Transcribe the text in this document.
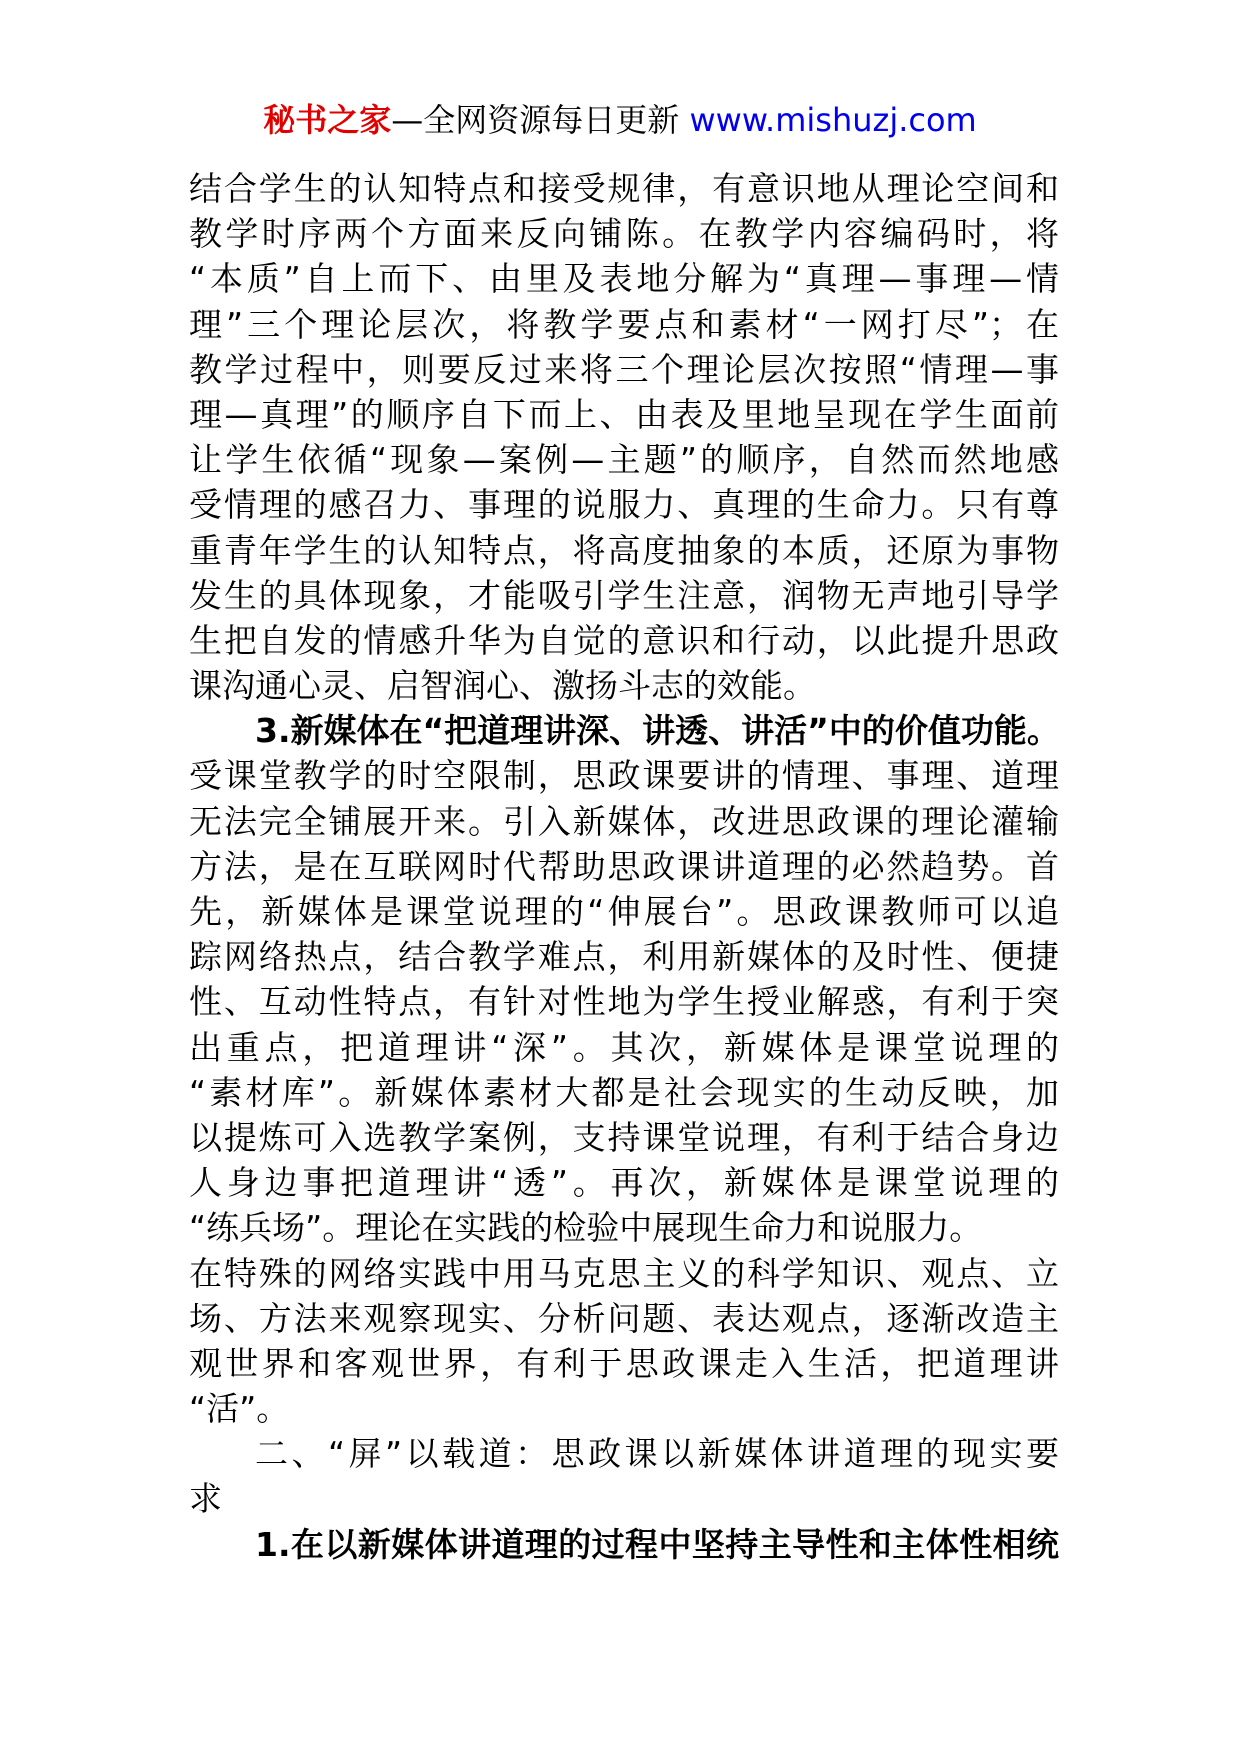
秘书之家—全网资源每日更新 www.mishuzj.com
结合学生的认知特点和接受规律，有意识地从理论空间和
教学时序两个方面来反向铺陈。在教学内容编码时，将
“本质”自上而下、由里及表地分解为“真理—事理—情
理”三个理论层次，将教学要点和素材“一网打尽”；在
教学过程中，则要反过来将三个理论层次按照“情理—事
理—真理”的顺序自下而上、由表及里地呈现在学生面前
让学生依循“现象—案例—主题”的顺序，自然而然地感
受情理的感召力、事理的说服力、真理的生命力。只有尊
重青年学生的认知特点，将高度抽象的本质，还原为事物
发生的具体现象，才能吸引学生注意，润物无声地引导学
生把自发的情感升华为自觉的意识和行动，以此提升思政
课沟通心灵、启智润心、激扬斗志的效能。
3.新媒体在“把道理讲深、讲透、讲活”中的价值功能。
受课堂教学的时空限制，思政课要讲的情理、事理、道理
无法完全铺展开来。引入新媒体，改进思政课的理论灌输
方法，是在互联网时代帮助思政课讲道理的必然趋势。首
先，新媒体是课堂说理的“伸展台”。思政课教师可以追
踪网络热点，结合教学难点，利用新媒体的及时性、便捷
性、互动性特点，有针对性地为学生授业解惑，有利于突
出重点，把道理讲“深”。其次，新媒体是课堂说理的
“素材库”。新媒体素材大都是社会现实的生动反映，加
以提炼可入选教学案例，支持课堂说理，有利于结合身边
人身边事把道理讲“透”。再次，新媒体是课堂说理的
“练兵场”。理论在实践的检验中展现生命力和说服力。
在特殊的网络实践中用马克思主义的科学知识、观点、立
场、方法来观察现实、分析问题、表达观点，逐渐改造主
观世界和客观世界，有利于思政课走入生活，把道理讲
“活”。
二、“屏”以载道：思政课以新媒体讲道理的现实要
求
1.在以新媒体讲道理的过程中坚持主导性和主体性相统
